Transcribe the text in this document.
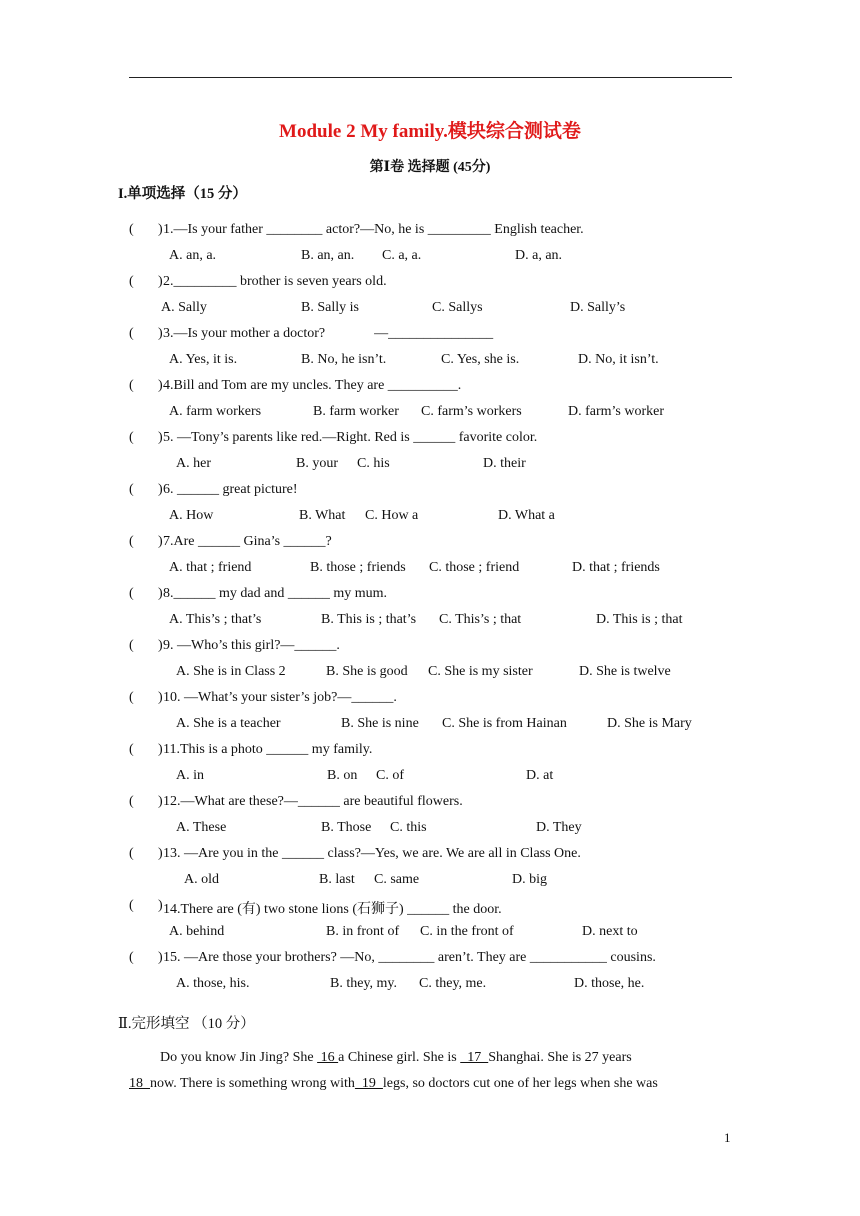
Module 2 My family.模块综合测试卷
第Ⅰ卷 选择题 (45分)
I.单项选择（15 分）
( ) 1.—Is your father ________ actor?—No, he is _________ English teacher.
A. an, a.	B. an, an. C. a, a.	D. a, an.
( ) 2._________ brother is seven years old.
A. Sally	B. Sally is	C. Sallys	D. Sally’s
( ) 3.—Is your mother a doctor?              —_______________
A. Yes, it is.	B. No, he isn’t.	C. Yes, she is.	D. No, it isn’t.
( ) 4.Bill and Tom are my uncles. They are __________.
A. farm workers	B. farm worker C. farm’s workers	D. farm’s worker
( ) 5. —Tony’s parents like red.—Right. Red is ______ favorite color.
A. her	B. your C. his	D. their
( ) 6. ______ great picture!
A. How	B. What C. How a	D. What a
( ) 7.Are ______ Gina’s ______?
A. that ; friend	B. those ; friends C. those ; friend	D. that ; friends
( ) 8.______ my dad and ______ my mum.
A. This’s ; that’s	B. This is ; that’s C. This’s ; that	D. This is ; that
( ) 9. —Who’s this girl?—______.
A. She is in Class 2	B. She is good C. She is my sister	D. She is twelve
( ) 10. —What’s your sister’s job?—______.
A. She is a teacher	B. She is nine C. She is from Hainan	D. She is Mary
( ) 11.This is a photo ______ my family.
A. in	B. on C. of	D. at
( ) 12.—What are these?—______ are beautiful flowers.
A. These	B. Those C. this	D. They
( ) 13. —Are you in the ______ class?—Yes, we are. We are all in Class One.
A. old	B. last C. same	D. big
( ) 14.There are (有) two stone lions (石狮子) ______ the door.
A. behind	B. in front of C. in the front of	D. next to
( ) 15. —Are those your brothers? —No, ________ aren’t. They are ___________ cousins.
A. those, his.	B. they, my. C. they, me.	D. those, he.
Ⅱ.完形填空 （10 分）
Do you know Jin Jing? She  16 a Chinese girl. She is   17  Shanghai. She is 27 years
18  now. There is something wrong with  19  legs, so doctors cut one of her legs when she was
1
